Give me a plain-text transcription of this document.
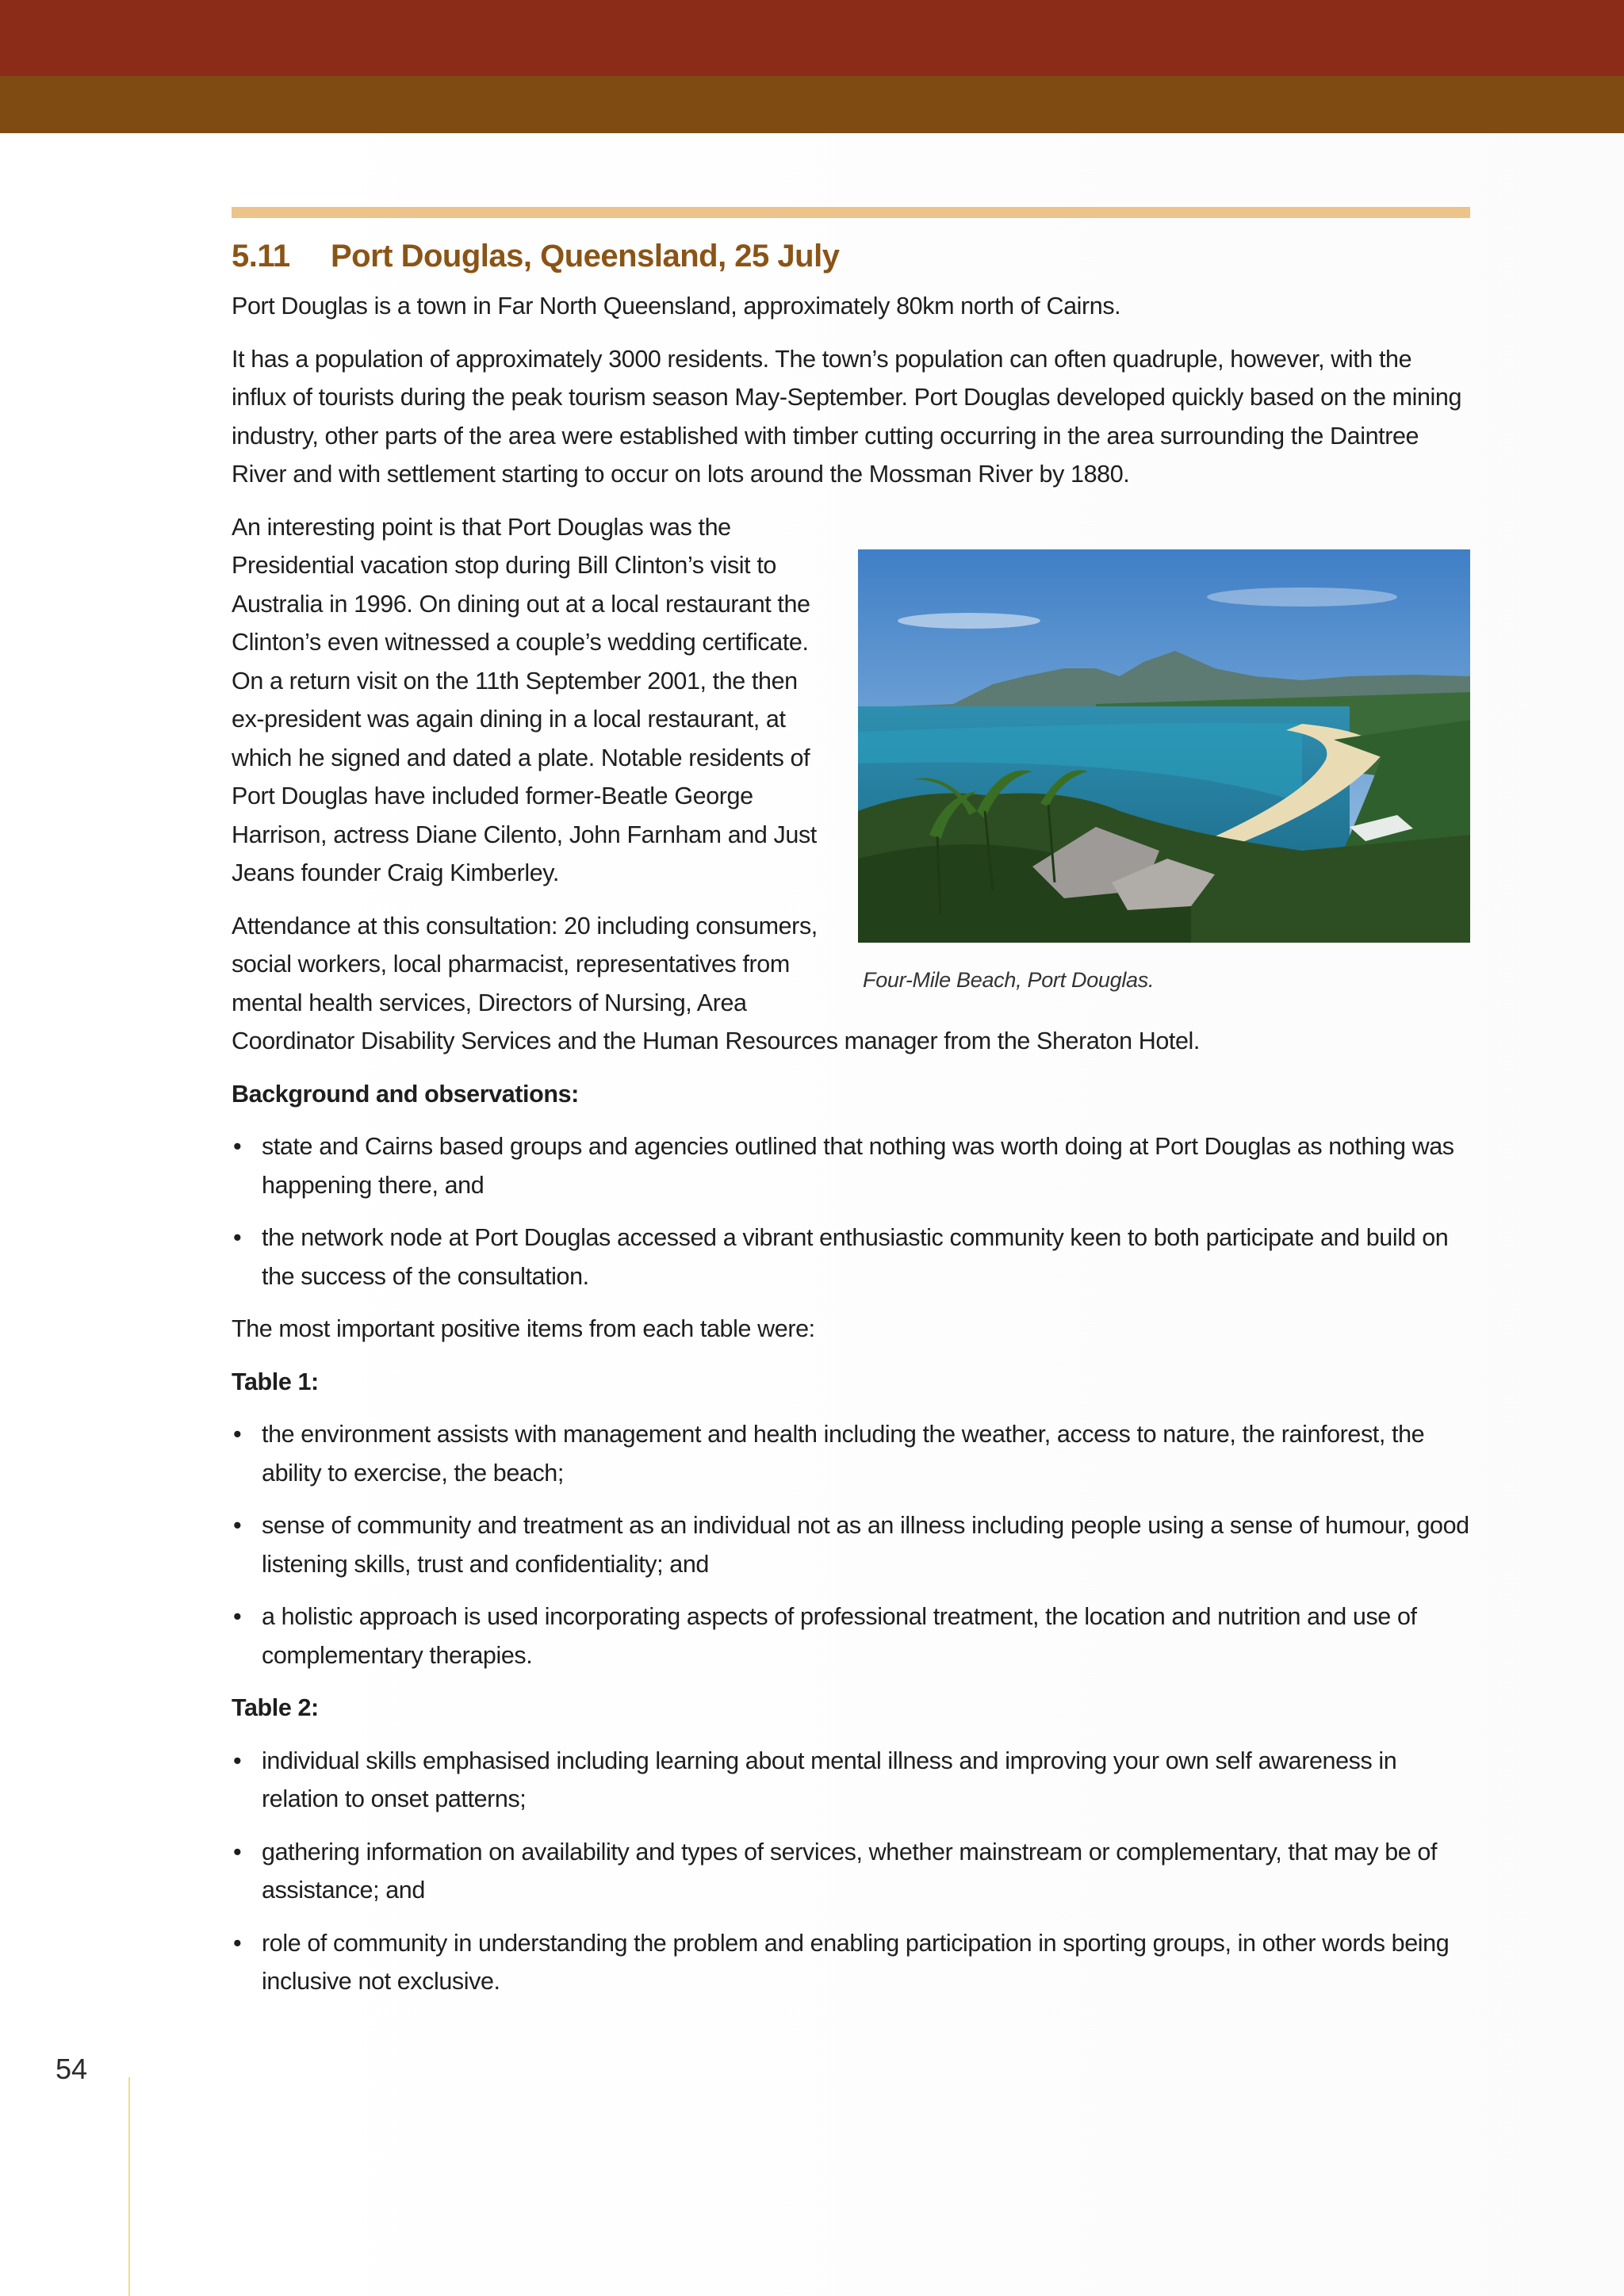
54
5.11 Port Douglas, Queensland, 25 July

Port Douglas is a town in Far North Queensland, approximately 80km north of Cairns.

It has a population of approximately 3000 residents. The town’s population can often quadruple, however, with the influx of tourists during the peak tourism season May-September. Port Douglas developed quickly based on the mining industry, other parts of the area were established with timber cutting occurring in the area surrounding the Daintree River and with settlement starting to occur on lots around the Mossman River by 1880.

Four-Mile Beach, Port Douglas.

An interesting point is that Port Douglas was the Presidential vacation stop during Bill Clinton’s visit to Australia in 1996. On dining out at a local restaurant the Clinton’s even witnessed a couple’s wedding certificate. On a return visit on the 11th September 2001, the then ex-president was again dining in a local restaurant, at which he signed and dated a plate. Notable residents of Port Douglas have included former-Beatle George Harrison, actress Diane Cilento, John Farnham and Just Jeans founder Craig Kimberley.

Attendance at this consultation: 20 including consumers, social workers, local pharmacist, representatives from mental health services, Directors of Nursing, Area Coordinator Disability Services and the Human Resources manager from the Sheraton Hotel.

Background and observations:

• state and Cairns based groups and agencies outlined that nothing was worth doing at Port Douglas as nothing was happening there, and
• the network node at Port Douglas accessed a vibrant enthusiastic community keen to both participate and build on the success of the consultation.

The most important positive items from each table were:

Table 1:

• the environment assists with management and health including the weather, access to nature, the rainforest, the ability to exercise, the beach;
• sense of community and treatment as an individual not as an illness including people using a sense of humour, good listening skills, trust and confidentiality; and
• a holistic approach is used incorporating aspects of professional treatment, the location and nutrition and use of complementary therapies.

Table 2:

• individual skills emphasised including learning about mental illness and improving your own self awareness in relation to onset patterns;
• gathering information on availability and types of services, whether mainstream or complementary, that may be of assistance; and
• role of community in understanding the problem and enabling participation in sporting groups, in other words being inclusive not exclusive.
